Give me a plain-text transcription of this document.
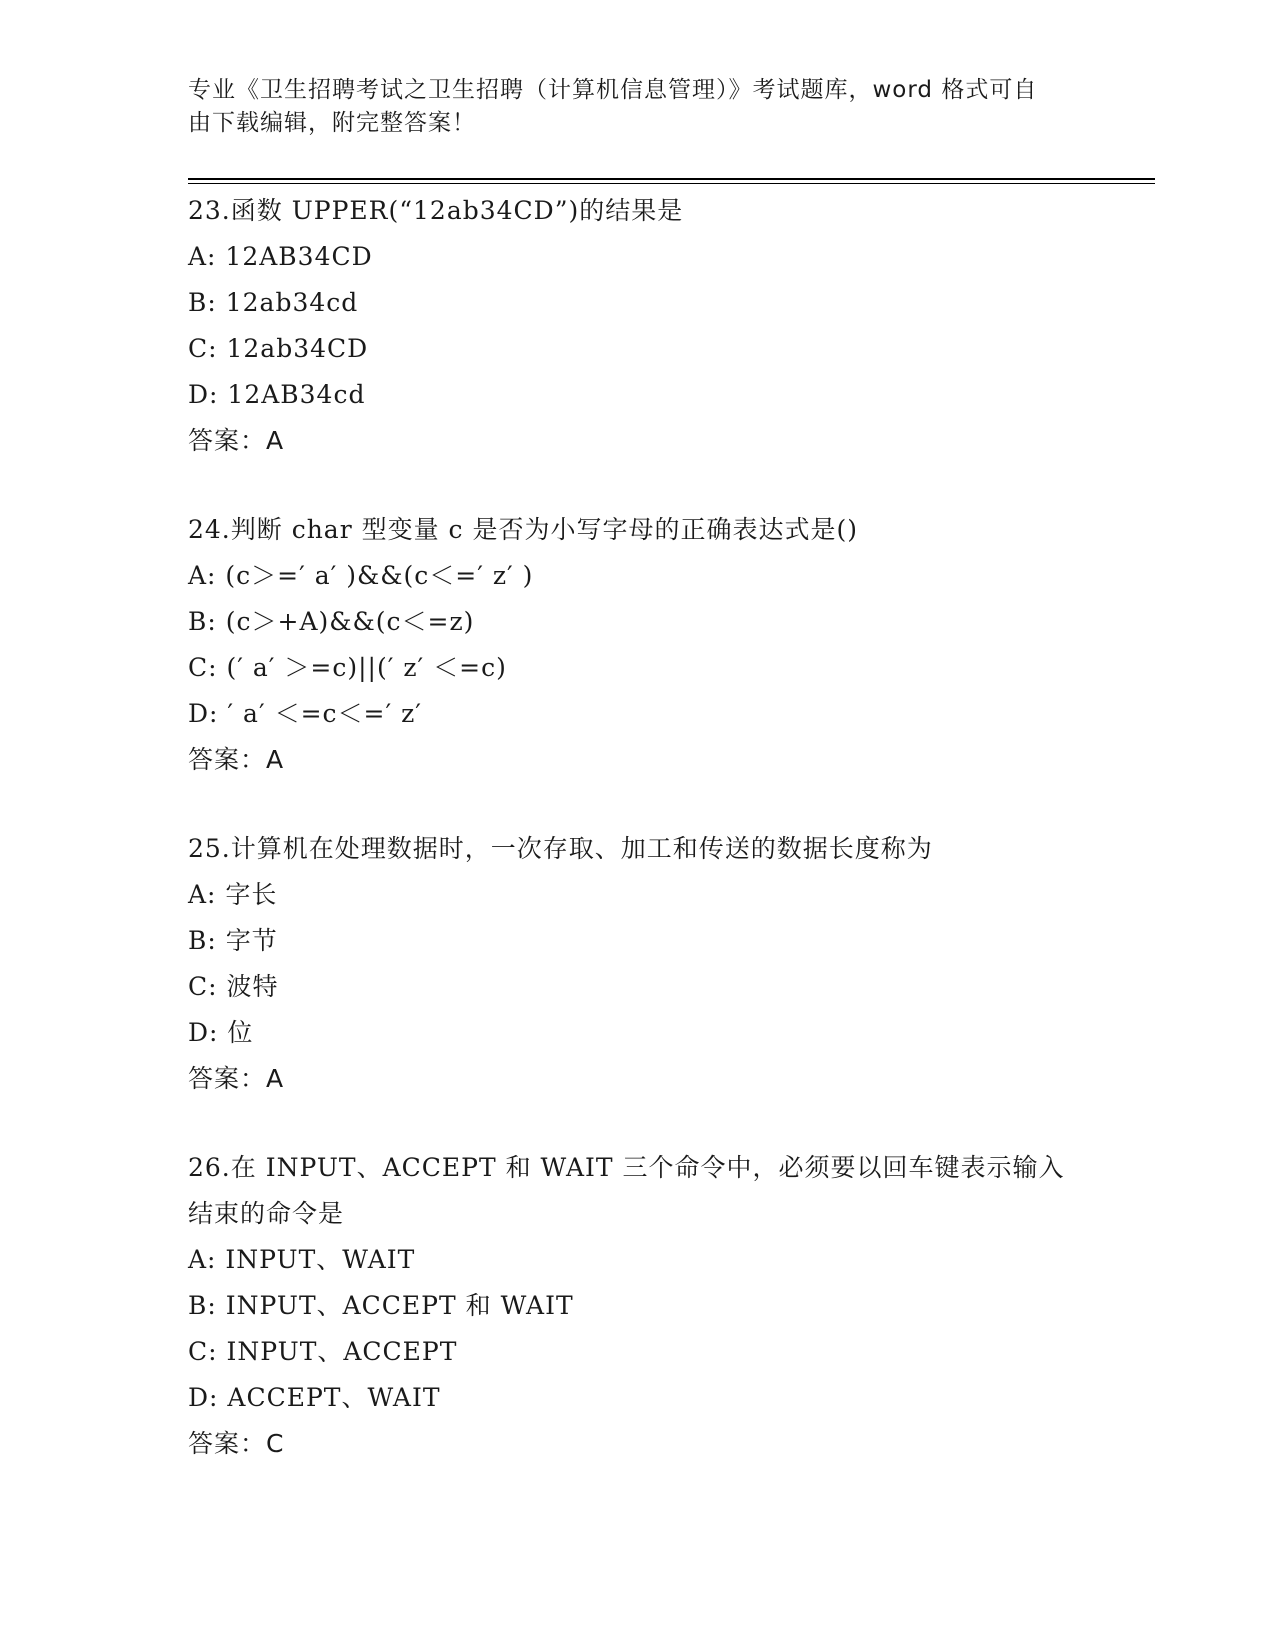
专业《卫生招聘考试之卫生招聘（计算机信息管理）》考试题库，word 格式可自
由下载编辑，附完整答案！
23.函数 UPPER(“12ab34CD”)的结果是
A: 12AB34CD
B: 12ab34cd
C: 12ab34CD
D: 12AB34cd
答案：A
24.判断 char 型变量 c 是否为小写字母的正确表达式是()
A: (c＞=′ a′ )&&(c＜=′ z′ )
B: (c＞+A)&&(c＜=z)
C: (′ a′ ＞=c)||(′ z′ ＜=c)
D: ′ a′ ＜=c＜=′ z′
答案：A
25.计算机在处理数据时，一次存取、加工和传送的数据长度称为
A: 字长
B: 字节
C: 波特
D: 位
答案：A
26.在 INPUT、ACCEPT 和 WAIT 三个命令中，必须要以回车键表示输入
结束的命令是
A: INPUT、WAIT
B: INPUT、ACCEPT 和 WAIT
C: INPUT、ACCEPT
D: ACCEPT、WAIT
答案：C
